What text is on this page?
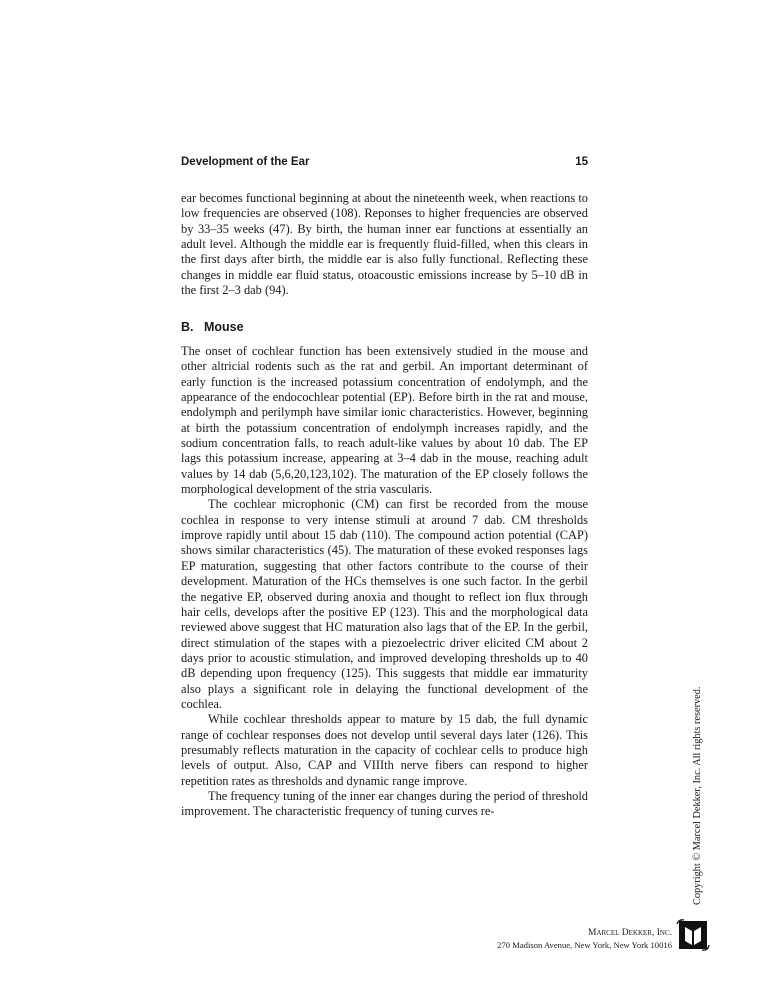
Development of the Ear	15

ear becomes functional beginning at about the nineteenth week, when reactions to low frequencies are observed (108). Reponses to higher frequencies are observed by 33–35 weeks (47). By birth, the human inner ear functions at essentially an adult level. Although the middle ear is frequently fluid-filled, when this clears in the first days after birth, the middle ear is also fully functional. Reflecting these changes in middle ear fluid status, otoacoustic emissions increase by 5–10 dB in the first 2–3 dab (94).

B. Mouse

The onset of cochlear function has been extensively studied in the mouse and other altricial rodents such as the rat and gerbil. An important determinant of early function is the increased potassium concentration of endolymph, and the appearance of the endocochlear potential (EP). Before birth in the rat and mouse, endolymph and perilymph have similar ionic characteristics. However, beginning at birth the potassium concentration of endolymph increases rapidly, and the sodium concentration falls, to reach adult-like values by about 10 dab. The EP lags this potassium increase, appearing at 3–4 dab in the mouse, reaching adult values by 14 dab (5,6,20,123,102). The maturation of the EP closely follows the morphological development of the stria vascularis.

The cochlear microphonic (CM) can first be recorded from the mouse cochlea in response to very intense stimuli at around 7 dab. CM thresholds improve rapidly until about 15 dab (110). The compound action potential (CAP) shows similar characteristics (45). The maturation of these evoked responses lags EP maturation, suggesting that other factors contribute to the course of their development. Maturation of the HCs themselves is one such factor. In the gerbil the negative EP, observed during anoxia and thought to reflect ion flux through hair cells, develops after the positive EP (123). This and the morphological data reviewed above suggest that HC maturation also lags that of the EP. In the gerbil, direct stimulation of the stapes with a piezoelectric driver elicited CM about 2 days prior to acoustic stimulation, and improved developing thresholds up to 40 dB depending upon frequency (125). This suggests that middle ear immaturity also plays a significant role in delaying the functional development of the cochlea.

While cochlear thresholds appear to mature by 15 dab, the full dynamic range of cochlear responses does not develop until several days later (126). This presumably reflects maturation in the capacity of cochlear cells to produce high levels of output. Also, CAP and VIIIth nerve fibers can respond to higher repetition rates as thresholds and dynamic range improve.

The frequency tuning of the inner ear changes during the period of threshold improvement. The characteristic frequency of tuning curves re-	Copyright © Marcel Dekker, Inc. All rights reserved.
Marcel Dekker, Inc.
270 Madison Avenue, New York, New York 10016
